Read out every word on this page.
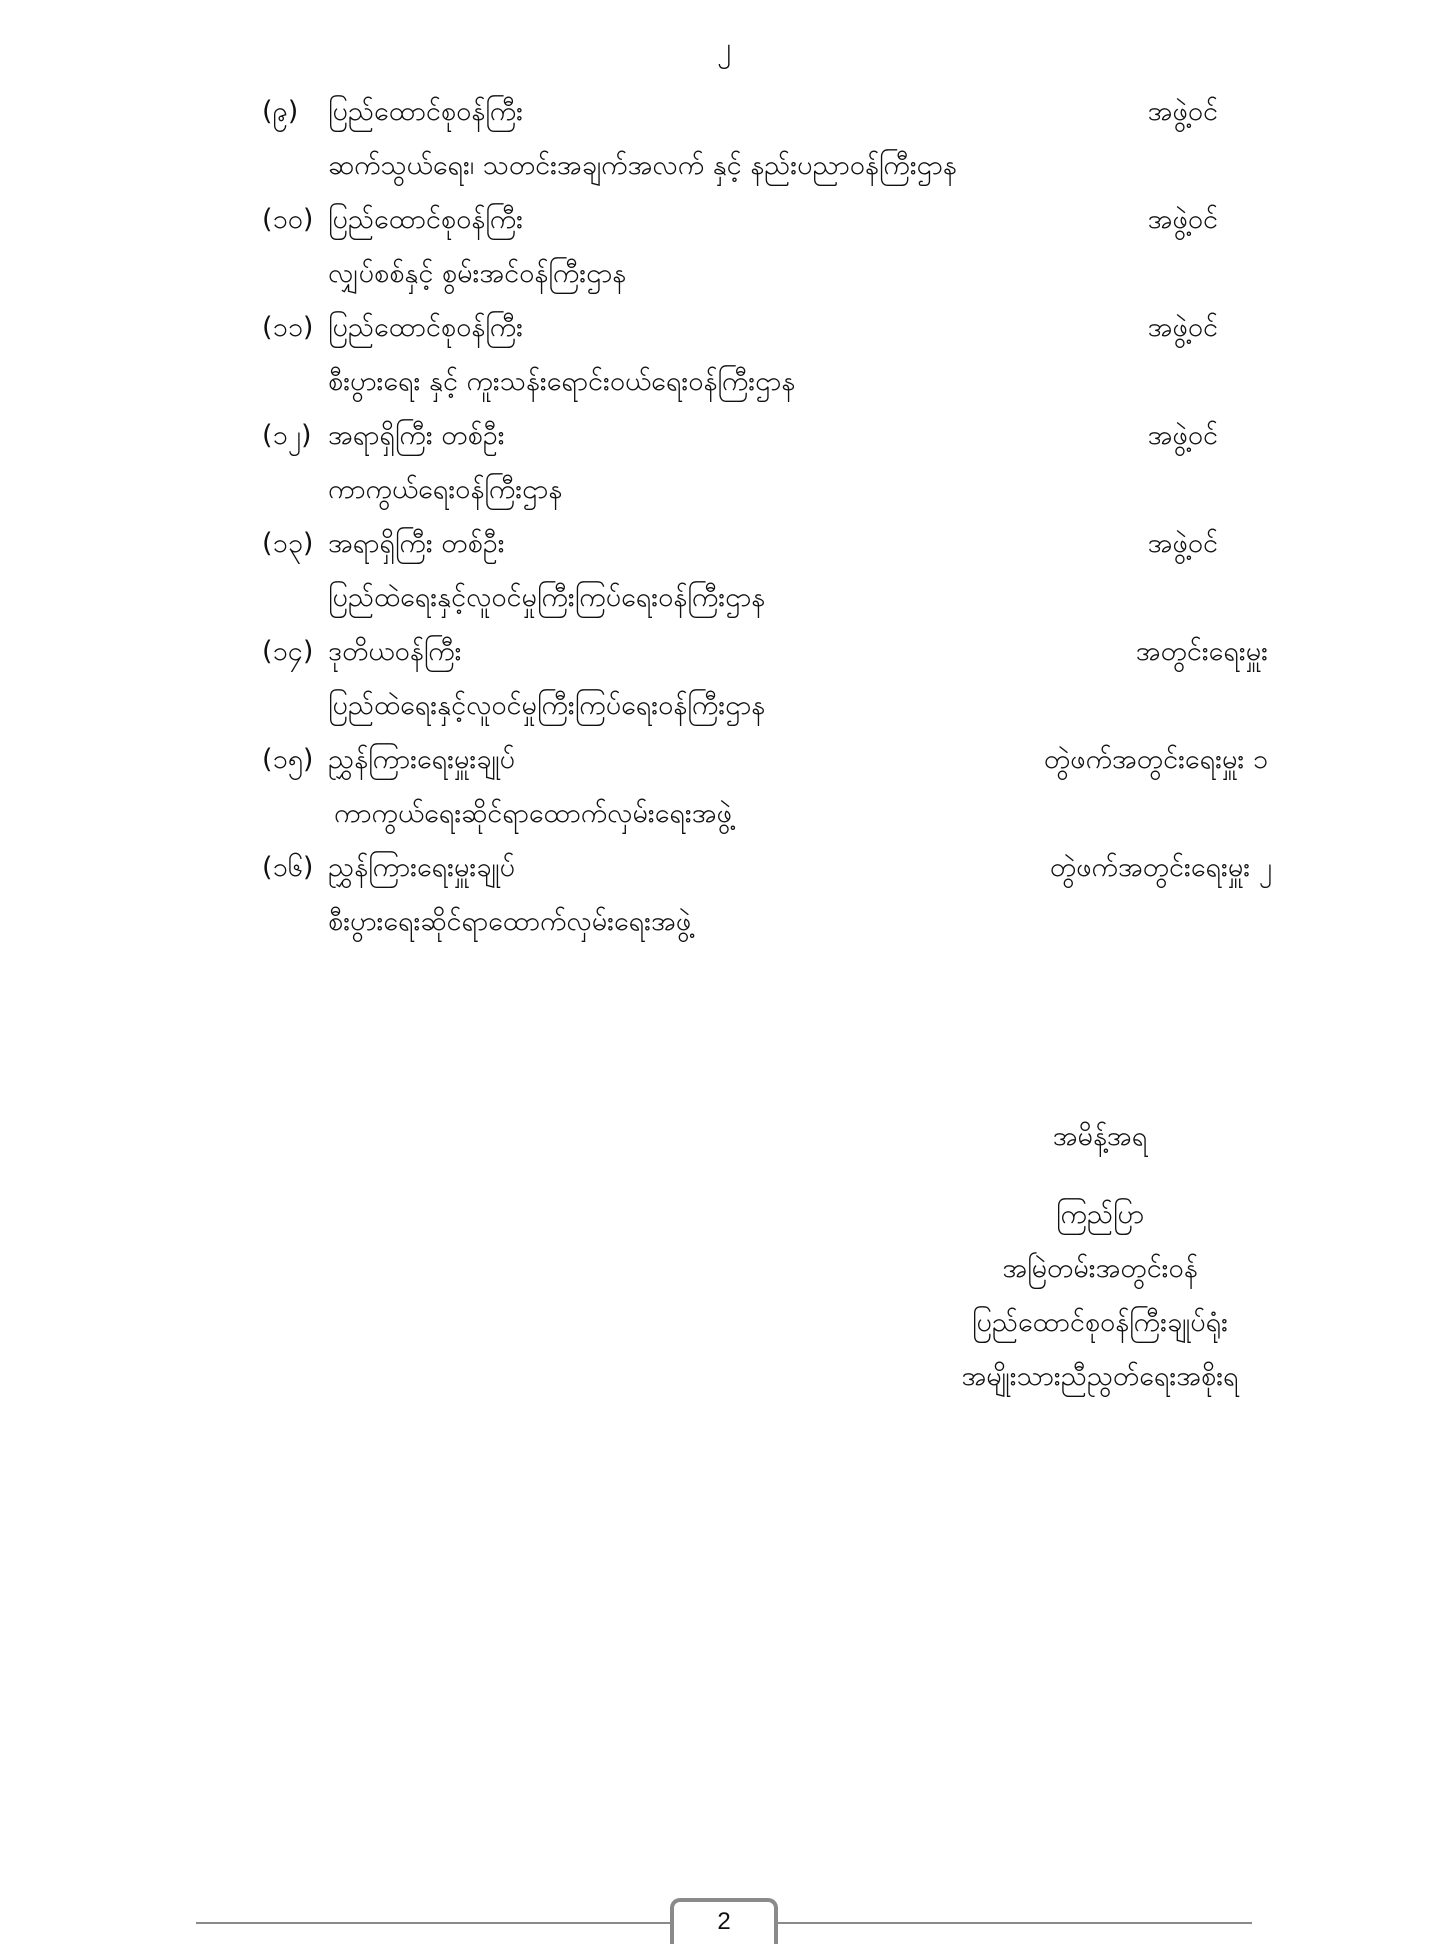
၂
(၉) ပြည်ထောင်စုဝန်ကြီး	အဖွဲ့ဝင်
ဆက်သွယ်ရေး၊ သတင်းအချက်အလက် နှင့် နည်းပညာဝန်ကြီးဌာန
(၁၀) ပြည်ထောင်စုဝန်ကြီး	အဖွဲ့ဝင်
လျှပ်စစ်နှင့် စွမ်းအင်ဝန်ကြီးဌာန
(၁၁) ပြည်ထောင်စုဝန်ကြီး	အဖွဲ့ဝင်
စီးပွားရေး နှင့် ကူးသန်းရောင်းဝယ်ရေးဝန်ကြီးဌာန
(၁၂) အရာရှိကြီး တစ်ဦး	အဖွဲ့ဝင်
ကာကွယ်ရေးဝန်ကြီးဌာန
(၁၃) အရာရှိကြီး တစ်ဦး	အဖွဲ့ဝင်
ပြည်ထဲရေးနှင့်လူဝင်မှုကြီးကြပ်ရေးဝန်ကြီးဌာန
(၁၄) ဒုတိယဝန်ကြီး	အတွင်းရေးမှူး
ပြည်ထဲရေးနှင့်လူဝင်မှုကြီးကြပ်ရေးဝန်ကြီးဌာန
(၁၅) ညွှန်ကြားရေးမှူးချုပ်	တွဲဖက်အတွင်းရေးမှူး ၁
ကာကွယ်ရေးဆိုင်ရာထောက်လှမ်းရေးအဖွဲ့
(၁၆) ညွှန်ကြားရေးမှူးချုပ်	တွဲဖက်အတွင်းရေးမှူး ၂
စီးပွားရေးဆိုင်ရာထောက်လှမ်းရေးအဖွဲ့
အမိန့်အရ
ကြည်ပြာ
အမြဲတမ်းအတွင်းဝန်
ပြည်ထောင်စုဝန်ကြီးချုပ်ရုံး
အမျိုးသားညီညွတ်ရေးအစိုးရ
2
